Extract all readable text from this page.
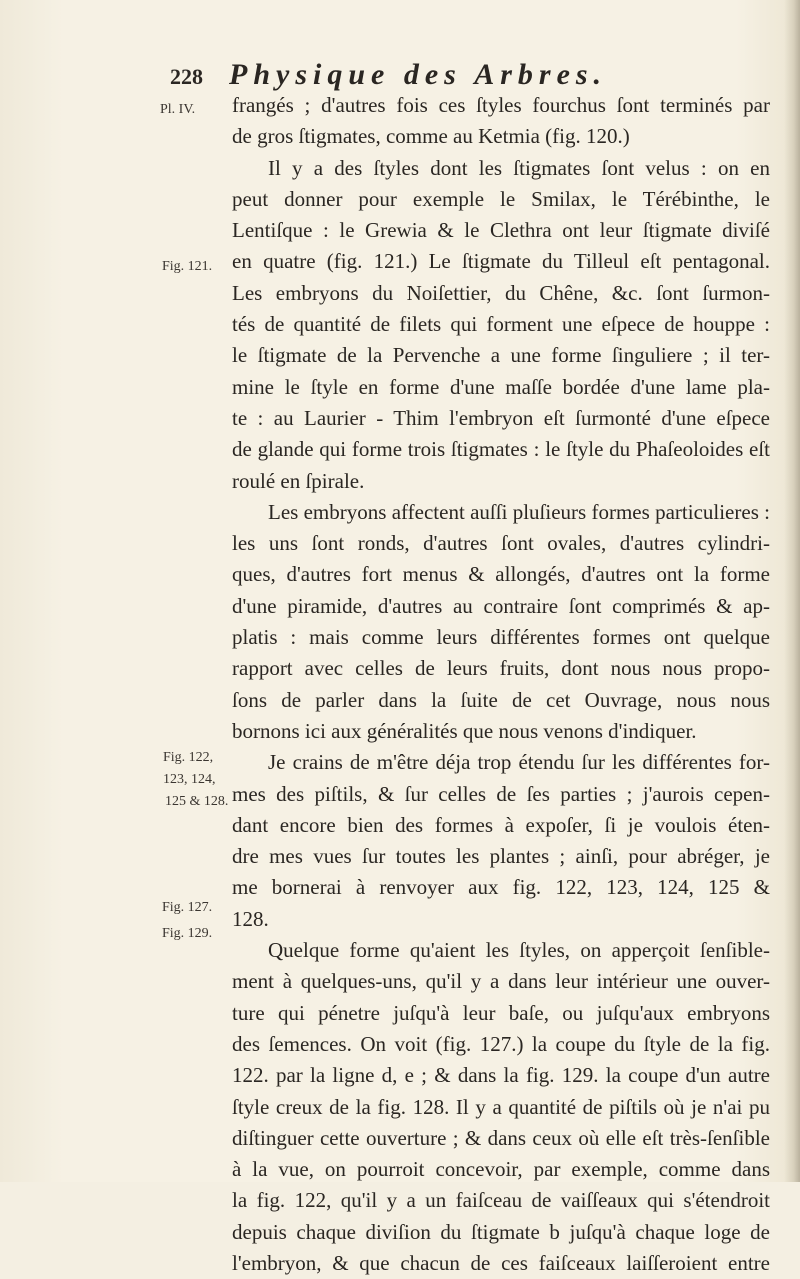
228 Physique des Arbres.
Pl. IV.
Fig. 121.
Fig. 122,
123, 124,
125 & 128.
Fig. 127.
Fig. 129.
frangés ; d'autres fois ces ſtyles fourchus ſont terminés par
de gros ſtigmates, comme au Ketmia (fig. 120.)
Il y a des ſtyles dont les ſtigmates ſont velus : on en
peut donner pour exemple le Smilax, le Térébinthe, le
Lentiſque : le Grewia & le Clethra ont leur ſtigmate diviſé
en quatre (fig. 121.) Le ſtigmate du Tilleul eſt pentagonal.
Les embryons du Noiſettier, du Chêne, &c. ſont ſurmon-
tés de quantité de filets qui forment une eſpece de houppe :
le ſtigmate de la Pervenche a une forme ſinguliere ; il ter-
mine le ſtyle en forme d'une maſſe bordée d'une lame pla-
te : au Laurier - Thim l'embryon eſt ſurmonté d'une eſpece
de glande qui forme trois ſtigmates : le ſtyle du Phaſeoloides eſt
roulé en ſpirale.
Les embryons affectent auſſi pluſieurs formes particulieres :
les uns ſont ronds, d'autres ſont ovales, d'autres cylindri-
ques, d'autres fort menus & allongés, d'autres ont la forme
d'une piramide, d'autres au contraire ſont comprimés & ap-
platis : mais comme leurs différentes formes ont quelque
rapport avec celles de leurs fruits, dont nous nous propo-
ſons de parler dans la ſuite de cet Ouvrage, nous nous
bornons ici aux généralités que nous venons d'indiquer.
Je crains de m'être déja trop étendu ſur les différentes for-
mes des piſtils, & ſur celles de ſes parties ; j'aurois cepen-
dant encore bien des formes à expoſer, ſi je voulois éten-
dre mes vues ſur toutes les plantes ; ainſi, pour abréger, je
me bornerai à renvoyer aux fig. 122, 123, 124, 125 &
128.
Quelque forme qu'aient les ſtyles, on apperçoit ſenſible-
ment à quelques-uns, qu'il y a dans leur intérieur une ouver-
ture qui pénetre juſqu'à leur baſe, ou juſqu'aux embryons
des ſemences. On voit (fig. 127.) la coupe du ſtyle de la fig.
122. par la ligne d, e ; & dans la fig. 129. la coupe d'un autre
ſtyle creux de la fig. 128. Il y a quantité de piſtils où je n'ai pu
diſtinguer cette ouverture ; & dans ceux où elle eſt très-ſenſible
à la vue, on pourroit concevoir, par exemple, comme dans
la fig. 122, qu'il y a un faiſceau de vaiſſeaux qui s'étendroit
depuis chaque diviſion du ſtigmate b juſqu'à chaque loge de
l'embryon, & que chacun de ces faiſceaux laiſſeroient entre
